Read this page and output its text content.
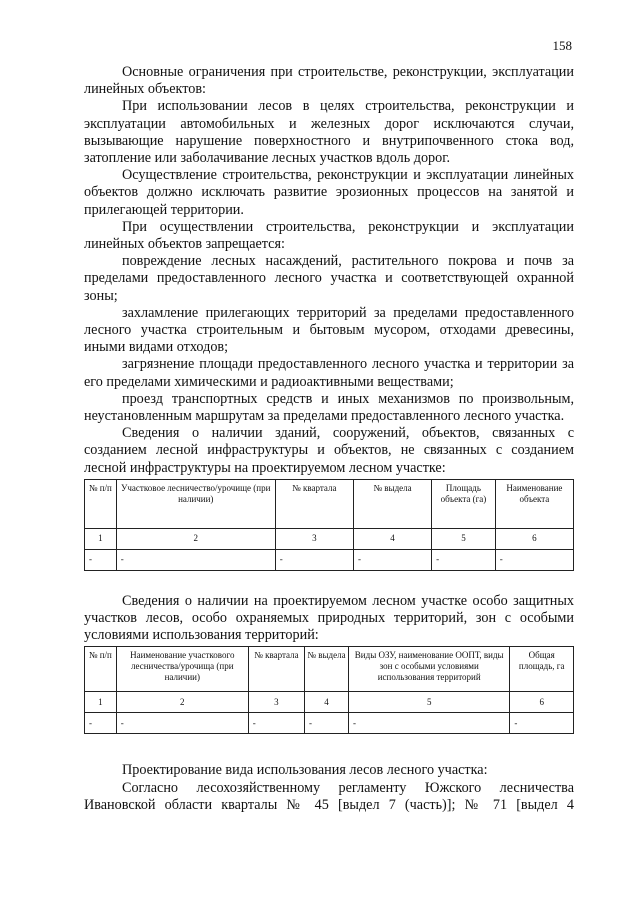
158

Основные ограничения при строительстве, реконструкции, эксплуатации линейных объектов:

При использовании лесов в целях строительства, реконструкции и эксплуатации автомобильных и железных дорог исключаются случаи, вызывающие нарушение поверхностного и внутрипочвенного стока вод, затопление или заболачивание лесных участков вдоль дорог.

Осуществление строительства, реконструкции и эксплуатации линейных объектов должно исключать развитие эрозионных процессов на занятой и прилегающей территории.

При осуществлении строительства, реконструкции и эксплуатации линейных объектов запрещается:

повреждение лесных насаждений, растительного покрова и почв за пределами предоставленного лесного участка и соответствующей охранной зоны;

захламление прилегающих территорий за пределами предоставленного лесного участка строительным и бытовым мусором, отходами древесины, иными видами отходов;

загрязнение площади предоставленного лесного участка и территории за его пределами химическими и радиоактивными веществами;

проезд транспортных средств и иных механизмов по произвольным, неустановленным маршрутам за пределами предоставленного лесного участка.

Сведения о наличии зданий, сооружений, объектов, связанных с созданием лесной инфраструктуры и объектов, не связанных с созданием лесной инфраструктуры на проектируемом лесном участке:

№ п/п	Участковое лесничество/урочище (при наличии)	№ квартала	№ выдела	Площадь объекта (га)	Наименование объекта
1	2	3	4	5	6
-	-	-	-	-	-

Сведения о наличии на проектируемом лесном участке особо защитных участков лесов, особо охраняемых природных территорий, зон с особыми условиями использования территорий:

№ п/п	Наименование участкового лесничества/урочища (при наличии)	№ квартала	№ выдела	Виды ОЗУ, наименование ООПТ, виды зон с особыми условиями использования территорий	Общая площадь, га
1	2	3	4	5	6
-	-	-	-	-	-

Проектирование вида использования лесов лесного участка:

Согласно лесохозяйственному регламенту Южского лесничества Ивановской области кварталы № 45 [выдел 7 (часть)]; № 71 [выдел 4
